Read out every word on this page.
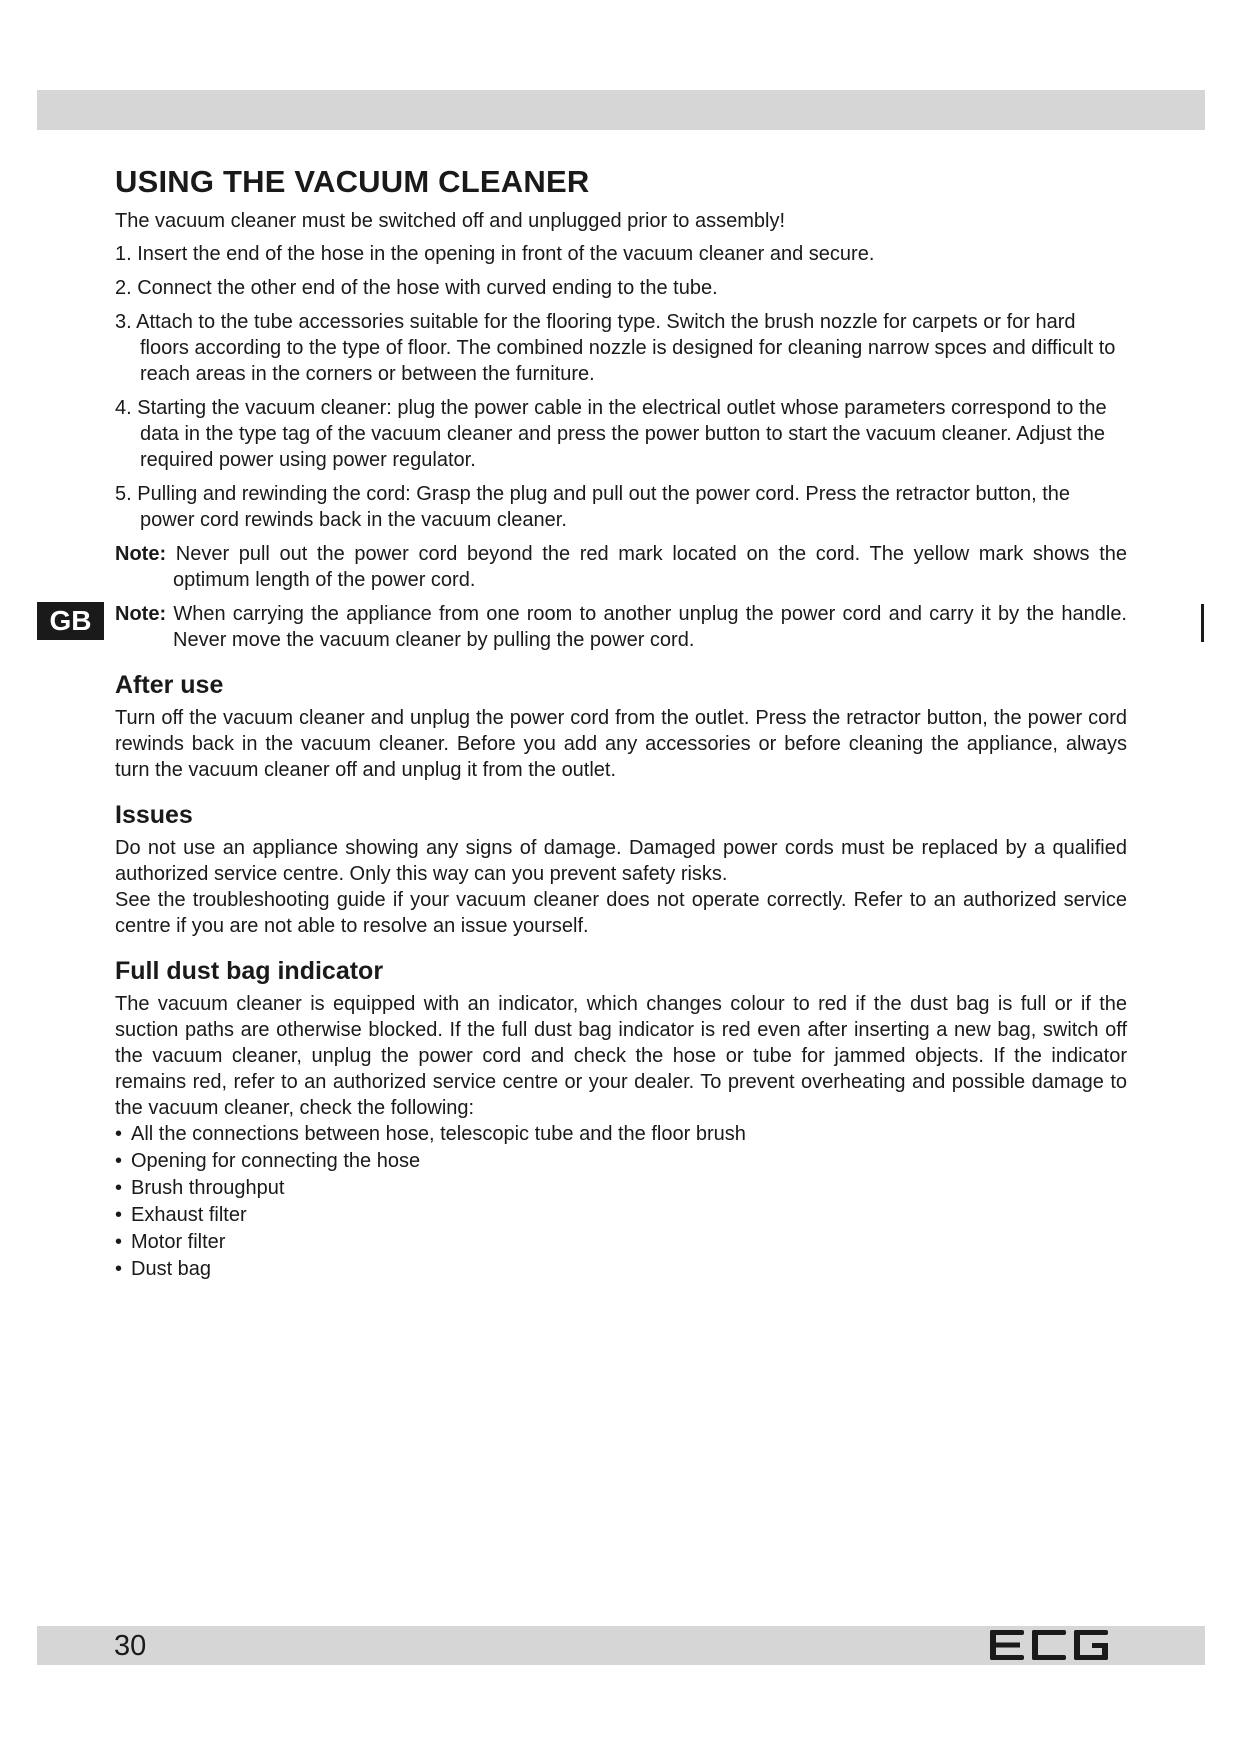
GB
USING THE VACUUM CLEANER

The vacuum cleaner must be switched off and unplugged prior to assembly!

1. Insert the end of the hose in the opening in front of the vacuum cleaner and secure.

2. Connect the other end of the hose with curved ending to the tube.

3. Attach to the tube accessories suitable for the flooring type. Switch the brush nozzle for carpets or for hard floors according to the type of floor. The combined nozzle is designed for cleaning narrow spces and difficult to reach areas in the corners or between the furniture.

4. Starting the vacuum cleaner: plug the power cable in the electrical outlet whose parameters correspond to the data in the type tag of the vacuum cleaner and press the power button to start the vacuum cleaner. Adjust the required power using power regulator.

5. Pulling and rewinding the cord: Grasp the plug and pull out the power cord. Press the retractor button, the power cord rewinds back in the vacuum cleaner.

Note: Never pull out the power cord beyond the red mark located on the cord. The yellow mark shows the optimum length of the power cord.

Note: When carrying the appliance from one room to another unplug the power cord and carry it by the handle. Never move the vacuum cleaner by pulling the power cord.

After use

Turn off the vacuum cleaner and unplug the power cord from the outlet. Press the retractor button, the power cord rewinds back in the vacuum cleaner. Before you add any accessories or before cleaning the appliance, always turn the vacuum cleaner off and unplug it from the outlet.

Issues

Do not use an appliance showing any signs of damage. Damaged power cords must be replaced by a qualified authorized service centre. Only this way can you prevent safety risks.

See the troubleshooting guide if your vacuum cleaner does not operate correctly. Refer to an authorized service centre if you are not able to resolve an issue yourself.

Full dust bag indicator

The vacuum cleaner is equipped with an indicator, which changes colour to red if the dust bag is full or if the suction paths are otherwise blocked. If the full dust bag indicator is red even after inserting a new bag, switch off the vacuum cleaner, unplug the power cord and check the hose or tube for jammed objects. If the indicator remains red, refer to an authorized service centre or your dealer. To prevent overheating and possible damage to the vacuum cleaner, check the following:

• All the connections between hose, telescopic tube and the floor brush
• Opening for connecting the hose
• Brush throughput
• Exhaust filter
• Motor filter
• Dust bag
30
